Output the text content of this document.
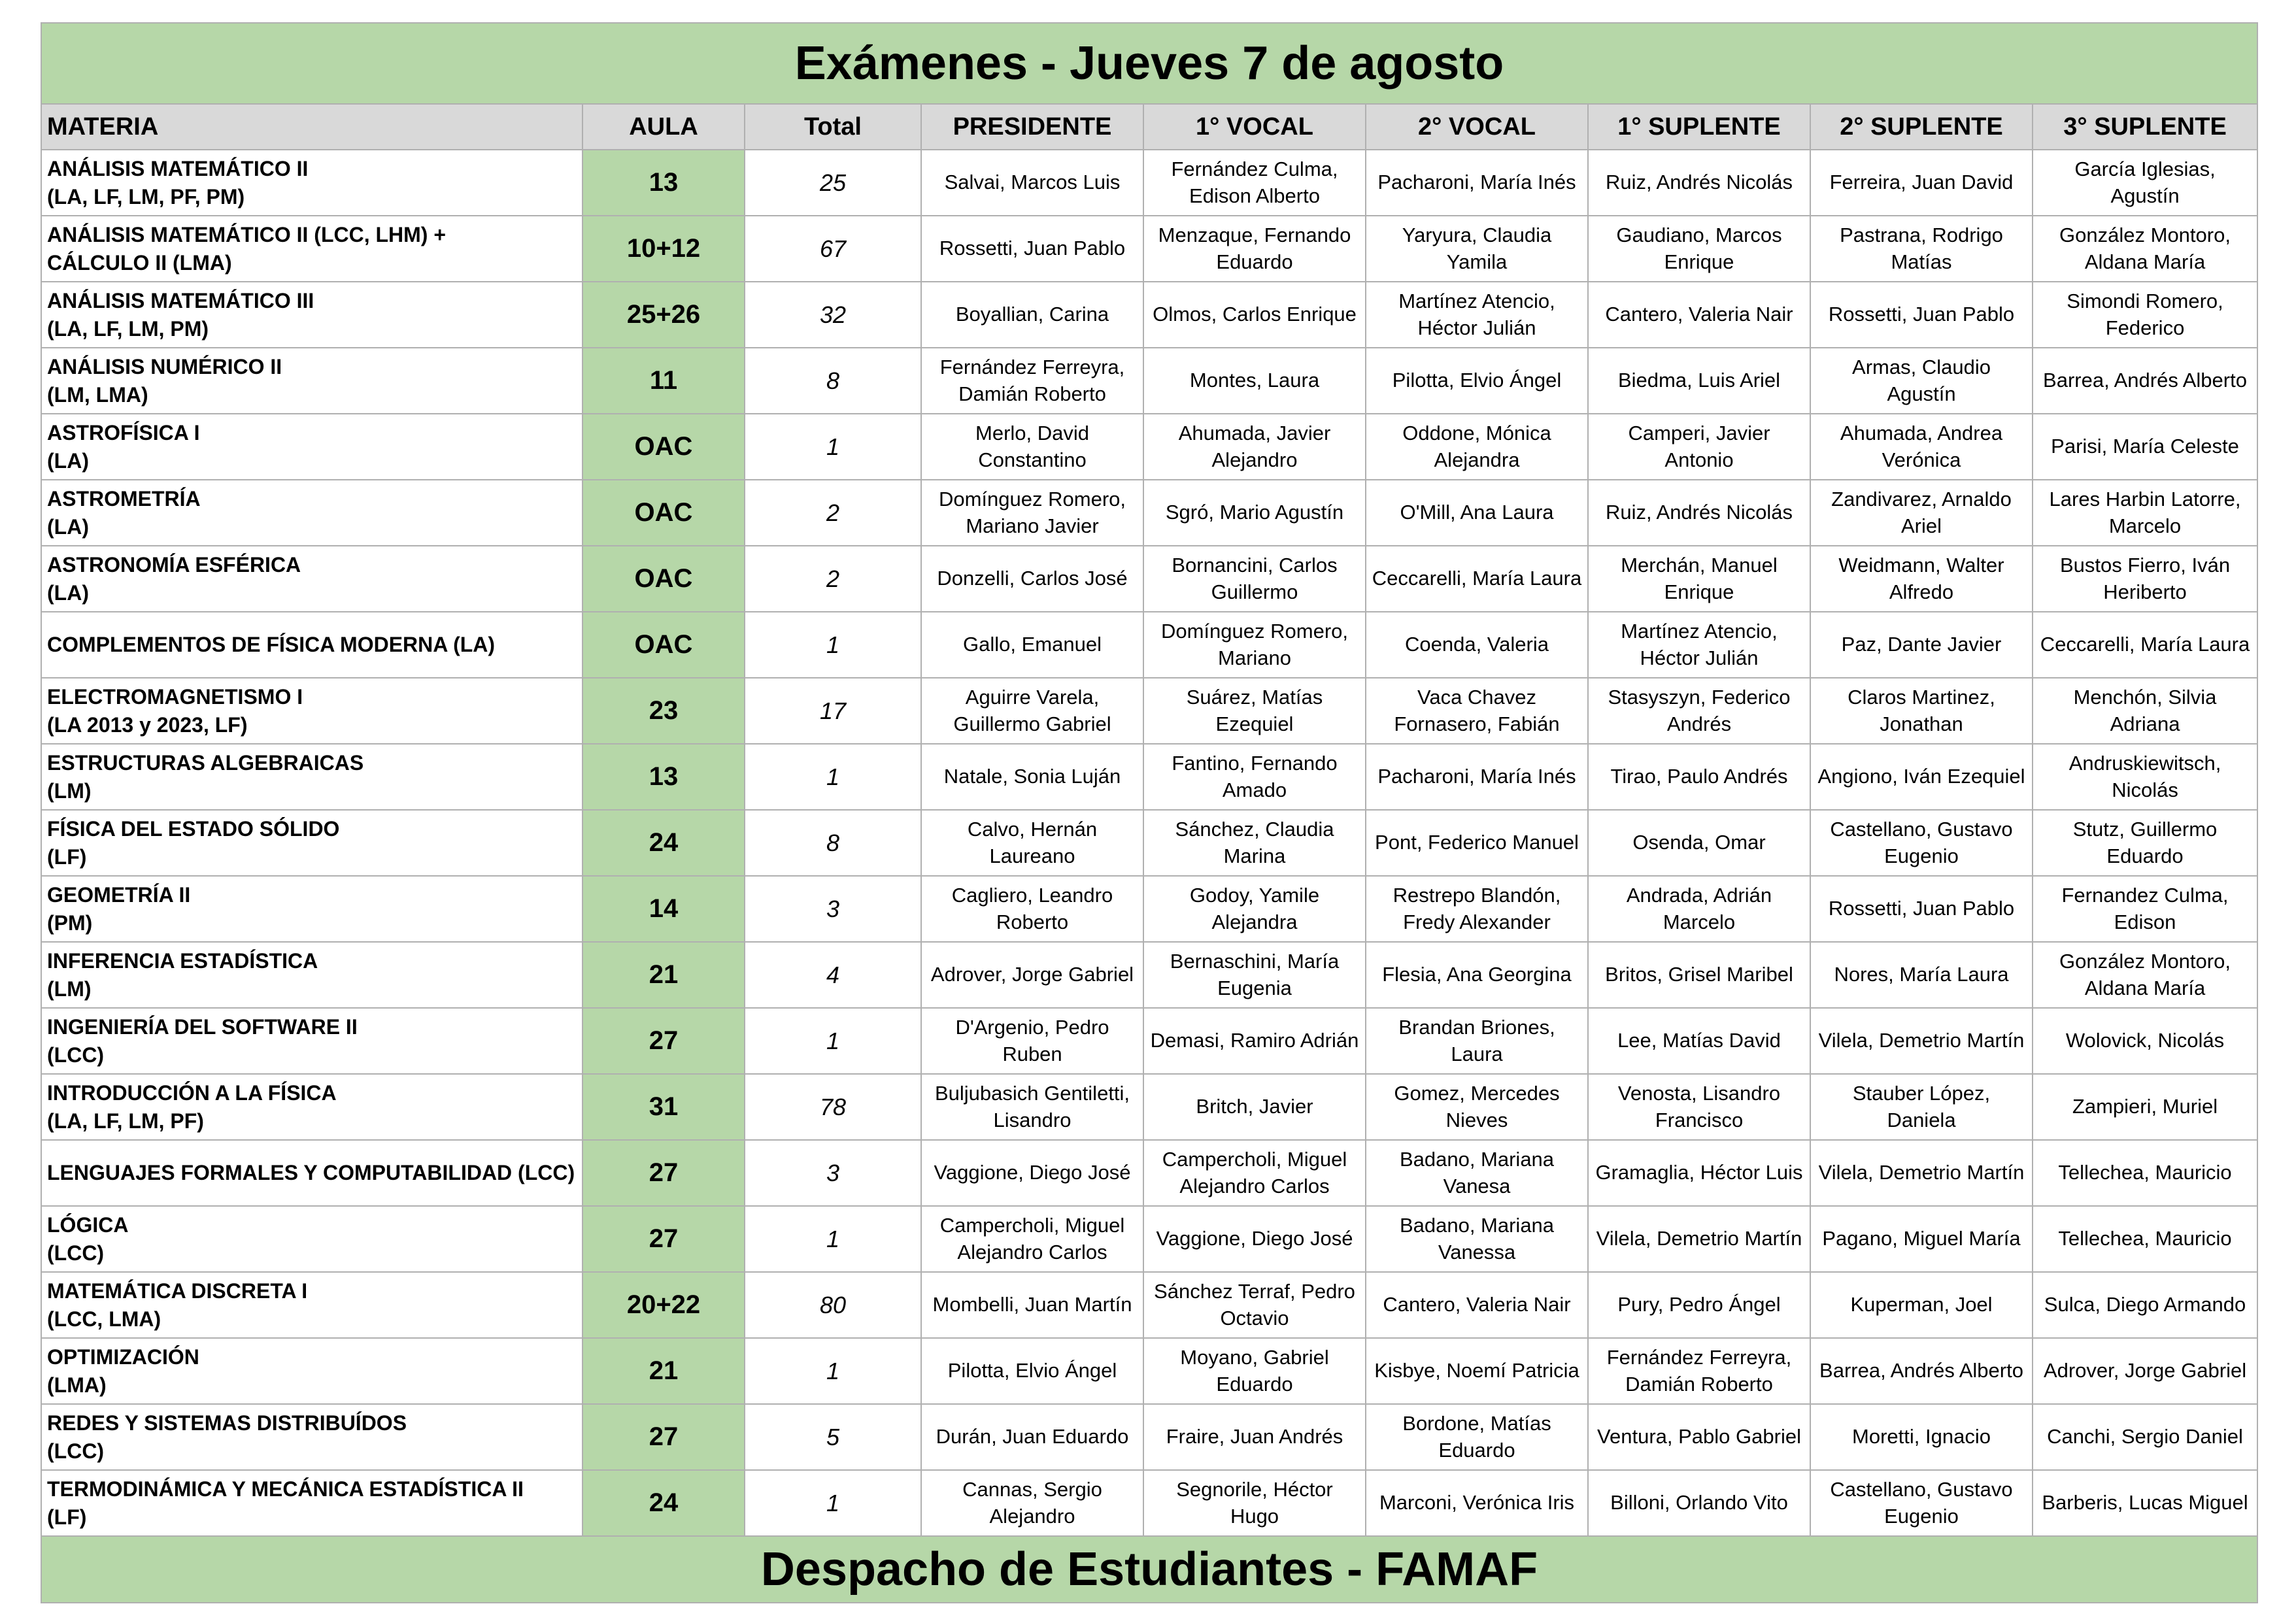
Exámenes - Jueves 7 de agosto								
MATERIA	AULA	Total	PRESIDENTE	1° VOCAL	2° VOCAL	1° SUPLENTE	2° SUPLENTE	3° SUPLENTE

ANÁLISIS MATEMÁTICO II
(LA, LF, LM, PF, PM)	13	25	Salvai, Marcos Luis	Fernández Culma, Edison Alberto	Pacharoni, María Inés	Ruiz, Andrés Nicolás	Ferreira, Juan David	García Iglesias, Agustín

ANÁLISIS MATEMÁTICO II (LCC, LHM) +
CÁLCULO II (LMA)	10+12	67	Rossetti, Juan Pablo	Menzaque, Fernando Eduardo	Yaryura, Claudia Yamila	Gaudiano, Marcos Enrique	Pastrana, Rodrigo Matías	González Montoro, Aldana María

ANÁLISIS MATEMÁTICO III
(LA, LF, LM, PM)	25+26	32	Boyallian, Carina	Olmos, Carlos Enrique	Martínez Atencio, Héctor Julián	Cantero, Valeria Nair	Rossetti, Juan Pablo	Simondi Romero, Federico

ANÁLISIS NUMÉRICO II
(LM, LMA)	11	8	Fernández Ferreyra, Damián Roberto	Montes, Laura	Pilotta, Elvio Ángel	Biedma, Luis Ariel	Armas, Claudio Agustín	Barrea, Andrés Alberto

ASTROFÍSICA I
(LA)	OAC	1	Merlo, David Constantino	Ahumada, Javier Alejandro	Oddone, Mónica Alejandra	Camperi, Javier Antonio	Ahumada, Andrea Verónica	Parisi, María Celeste

ASTROMETRÍA
(LA)	OAC	2	Domínguez Romero, Mariano Javier	Sgró, Mario Agustín	O'Mill, Ana Laura	Ruiz, Andrés Nicolás	Zandivarez, Arnaldo Ariel	Lares Harbin Latorre, Marcelo

ASTRONOMÍA ESFÉRICA
(LA)	OAC	2	Donzelli, Carlos José	Bornancini, Carlos Guillermo	Ceccarelli, María Laura	Merchán, Manuel Enrique	Weidmann, Walter Alfredo	Bustos Fierro, Iván Heriberto

COMPLEMENTOS DE FÍSICA MODERNA (LA)	OAC	1	Gallo, Emanuel	Domínguez Romero, Mariano	Coenda, Valeria	Martínez Atencio, Héctor Julián	Paz, Dante Javier	Ceccarelli, María Laura

ELECTROMAGNETISMO I
(LA 2013 y 2023, LF)	23	17	Aguirre Varela, Guillermo Gabriel	Suárez, Matías Ezequiel	Vaca Chavez Fornasero, Fabián	Stasyszyn, Federico Andrés	Claros Martinez, Jonathan	Menchón, Silvia Adriana

ESTRUCTURAS ALGEBRAICAS
(LM)	13	1	Natale, Sonia Luján	Fantino, Fernando Amado	Pacharoni, María Inés	Tirao, Paulo Andrés	Angiono, Iván Ezequiel	Andruskiewitsch, Nicolás

FÍSICA DEL ESTADO SÓLIDO
(LF)	24	8	Calvo, Hernán Laureano	Sánchez, Claudia Marina	Pont, Federico Manuel	Osenda, Omar	Castellano, Gustavo Eugenio	Stutz, Guillermo Eduardo

GEOMETRÍA II
(PM)	14	3	Cagliero, Leandro Roberto	Godoy, Yamile Alejandra	Restrepo Blandón, Fredy Alexander	Andrada, Adrián Marcelo	Rossetti, Juan Pablo	Fernandez Culma, Edison

INFERENCIA ESTADÍSTICA
(LM)	21	4	Adrover, Jorge Gabriel	Bernaschini, María Eugenia	Flesia, Ana Georgina	Britos, Grisel Maribel	Nores, María Laura	González Montoro, Aldana María

INGENIERÍA DEL SOFTWARE II
(LCC)	27	1	D'Argenio, Pedro Ruben	Demasi, Ramiro Adrián	Brandan Briones, Laura	Lee, Matías David	Vilela, Demetrio Martín	Wolovick, Nicolás

INTRODUCCIÓN A LA FÍSICA
(LA, LF, LM, PF)	31	78	Buljubasich Gentiletti, Lisandro	Britch, Javier	Gomez, Mercedes Nieves	Venosta, Lisandro Francisco	Stauber López, Daniela	Zampieri, Muriel

LENGUAJES FORMALES Y COMPUTABILIDAD (LCC)	27	3	Vaggione, Diego José	Campercholi, Miguel Alejandro Carlos	Badano, Mariana Vanesa	Gramaglia, Héctor Luis	Vilela, Demetrio Martín	Tellechea, Mauricio

LÓGICA
(LCC)	27	1	Campercholi, Miguel Alejandro Carlos	Vaggione, Diego José	Badano, Mariana Vanessa	Vilela, Demetrio Martín	Pagano, Miguel María	Tellechea, Mauricio

MATEMÁTICA DISCRETA I
(LCC, LMA)	20+22	80	Mombelli, Juan Martín	Sánchez Terraf, Pedro Octavio	Cantero, Valeria Nair	Pury, Pedro Ángel	Kuperman, Joel	Sulca, Diego Armando

OPTIMIZACIÓN
(LMA)	21	1	Pilotta, Elvio Ángel	Moyano, Gabriel Eduardo	Kisbye, Noemí Patricia	Fernández Ferreyra, Damián Roberto	Barrea, Andrés Alberto	Adrover, Jorge Gabriel

REDES Y SISTEMAS DISTRIBUÍDOS
(LCC)	27	5	Durán, Juan Eduardo	Fraire, Juan Andrés	Bordone, Matías Eduardo	Ventura, Pablo Gabriel	Moretti, Ignacio	Canchi, Sergio Daniel

TERMODINÁMICA Y MECÁNICA ESTADÍSTICA II
(LF)	24	1	Cannas, Sergio Alejandro	Segnorile, Héctor Hugo	Marconi, Verónica Iris	Billoni, Orlando Vito	Castellano, Gustavo Eugenio	Barberis, Lucas Miguel
Despacho de Estudiantes - FAMAF								
